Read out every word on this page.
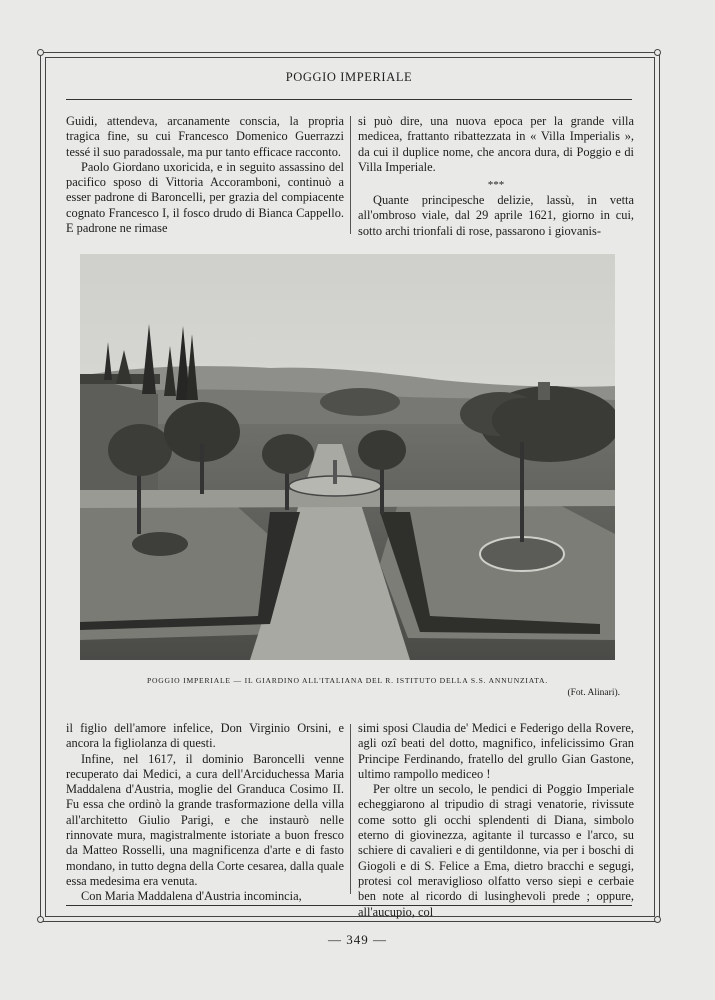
POGGIO IMPERIALE

Guidi, attendeva, arcanamente conscia, la propria tragica fine, su cui Francesco Domenico Guerrazzi tessé il suo paradossale, ma pur tanto efficace racconto.

Paolo Giordano uxoricida, e in seguito assassino del pacifico sposo di Vittoria Accoramboni, continuò a esser padrone di Baroncelli, per grazia del compiacente cognato Francesco I, il fosco drudo di Bianca Cappello. E padrone ne rimase

si può dire, una nuova epoca per la grande villa medicea, frattanto ribattezzata in « Villa Imperialis », da cui il duplice nome, che ancora dura, di Poggio e di Villa Imperiale.

***

Quante principesche delizie, lassù, in vetta all'ombroso viale, dal 29 aprile 1621, giorno in cui, sotto archi trionfali di rose, passarono i giovanis-

POGGIO IMPERIALE — IL GIARDINO ALL'ITALIANA DEL R. ISTITUTO DELLA S.S. ANNUNZIATA.
(Fot. Alinari).

il figlio dell'amore infelice, Don Virginio Orsini, e ancora la figliolanza di questi.

Infine, nel 1617, il dominio Baroncelli venne recuperato dai Medici, a cura dell'Arciduchessa Maria Maddalena d'Austria, moglie del Granduca Cosimo II. Fu essa che ordinò la grande trasformazione della villa all'architetto Giulio Parigi, e che instaurò nelle rinnovate mura, magistralmente istoriate a buon fresco da Matteo Rosselli, una magnificenza d'arte e di fasto mondano, in tutto degna della Corte cesarea, dalla quale essa medesima era venuta.

Con Maria Maddalena d'Austria incomincia,

simi sposi Claudia de' Medici e Federigo della Rovere, agli ozî beati del dotto, magnifico, infelicissimo Gran Principe Ferdinando, fratello del grullo Gian Gastone, ultimo rampollo mediceo !

Per oltre un secolo, le pendici di Poggio Imperiale echeggiarono al tripudio di stragi venatorie, rivissute come sotto gli occhi splendenti di Diana, simbolo eterno di giovinezza, agitante il turcasso e l'arco, su schiere di cavalieri e di gentildonne, via per i boschi di Giogoli e di S. Felice a Ema, dietro bracchi e segugi, protesi col meraviglioso olfatto verso siepi e cerbaie ben note al ricordo di lusinghevoli prede ; oppure, all'aucupio, col

— 349 —
